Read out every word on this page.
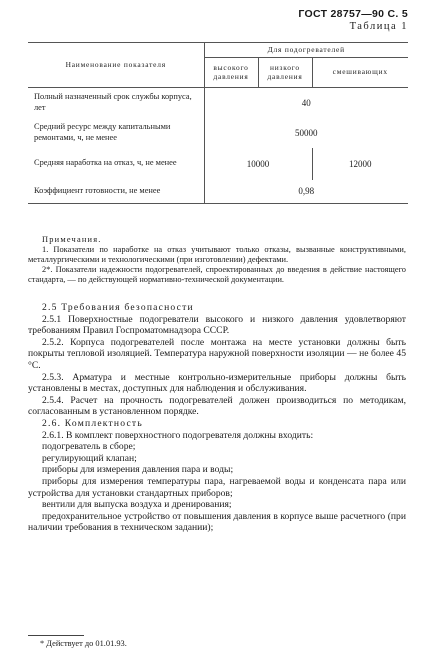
ГОСТ 28757—90 С. 5
Таблица 1
Наименование показателя	Для подогревателей		
	высокого давления	низкого давления	смешивающих
Полный назначенный срок службы корпуса, лет	40		
Средний ресурс между капитальными ремонтами, ч, не менее	50000		
Средняя наработка на отказ, ч, не менее	10000		12000
Коэффициент готовности, не менее	0,98		

Примечания.

1. Показатели по наработке на отказ учитывают только отказы, вызванные конструктивными, металлургическими и технологическими (при изготовлении) дефектами.

2*. Показатели надежности подогревателей, спроектированных до введения в действие настоящего стандарта, — по действующей нормативно-технической документации.

2.5 Требования безопасности

2.5.1 Поверхностные подогреватели высокого и низкого давления удовлетворяют требованиям Правил Госпроматомнадзора СССР.

2.5.2. Корпуса подогревателей после монтажа на месте установки должны быть покрыты тепловой изоляцией. Температура наружной поверхности изоляции — не более 45 °С.

2.5.3. Арматура и местные контрольно-измерительные приборы должны быть установлены в местах, доступных для наблюдения и обслуживания.

2.5.4. Расчет на прочность подогревателей должен производиться по методикам, согласованным в установленном порядке.

2.6. Комплектность

2.6.1. В комплект поверхностного подогревателя должны входить:

подогреватель в сборе;

регулирующий клапан;

приборы для измерения давления пара и воды;

приборы для измерения температуры пара, нагреваемой воды и конденсата пара или устройства для установки стандартных приборов;

вентили для выпуска воздуха и дренирования;

предохранительное устройство от повышения давления в корпусе выше расчетного (при наличии требования в техническом задании);

* Действует до 01.01.93.
